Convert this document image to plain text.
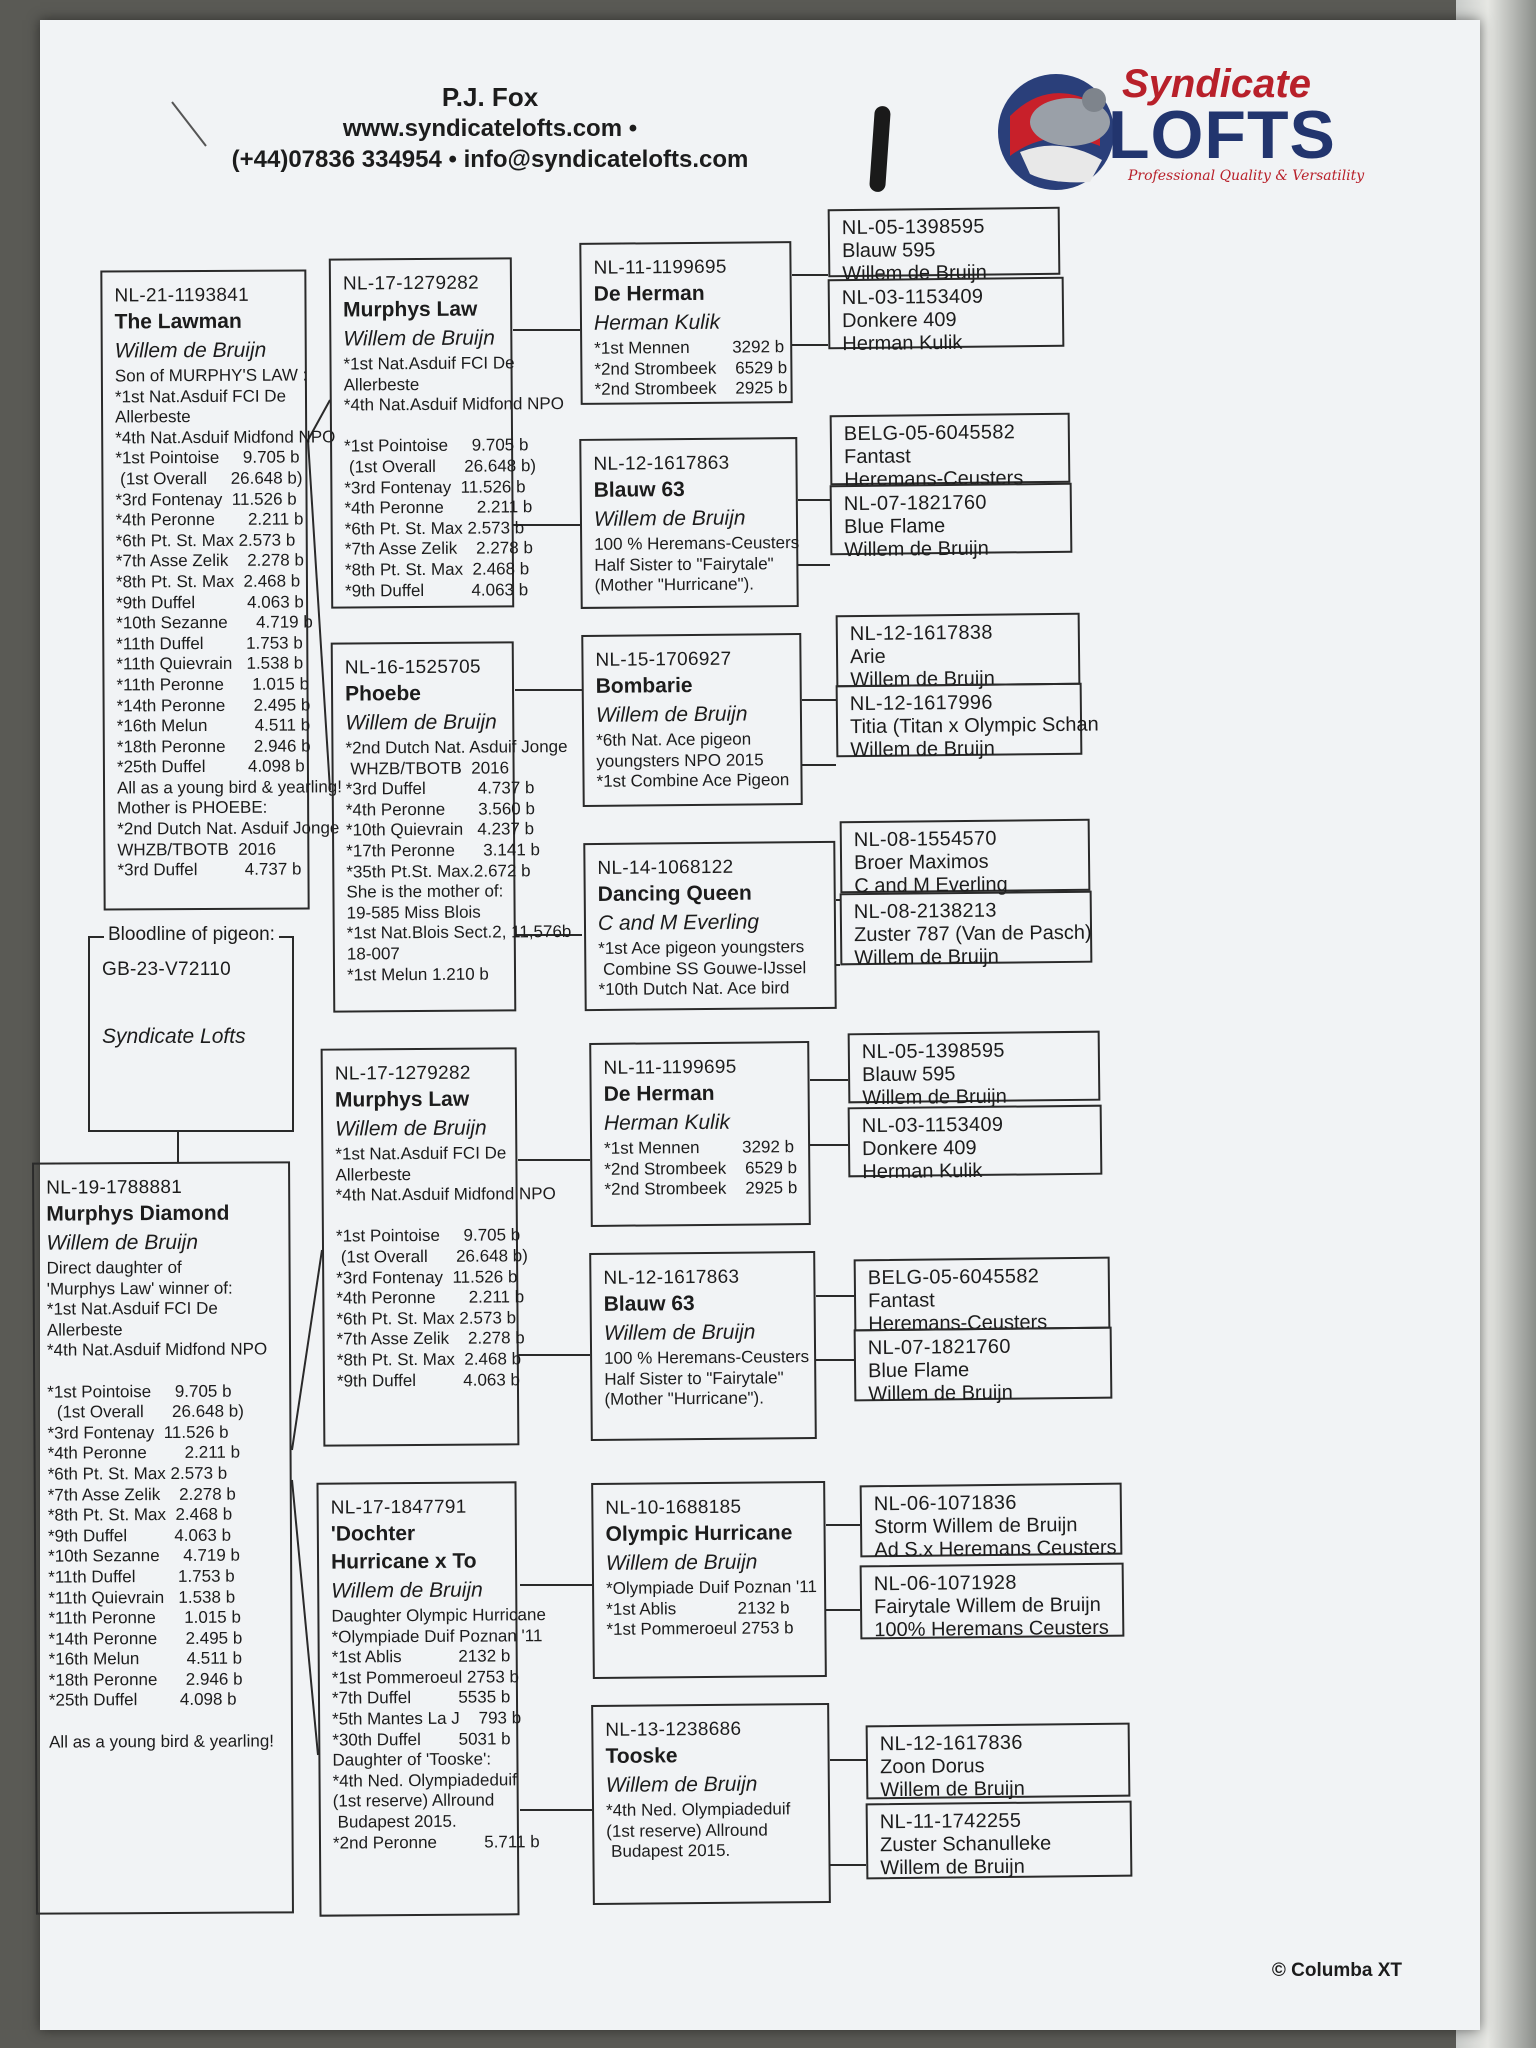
P.J. Fox
www.syndicatelofts.com •
(+44)07836 334954 • info@syndicatelofts.com
Syndicate
LOFTS
Professional Quality & Versatility
NL-21-1193841
The Lawman
Willem de Bruijn
Son of MURPHY'S LAW :
*1st Nat.Asduif FCI De
Allerbeste
*4th Nat.Asduif Midfond NPO
*1st Pointoise     9.705 b
(1st Overall     26.648 b)
*3rd Fontenay  11.526 b
*4th Peronne       2.211 b
*6th Pt. St. Max 2.573 b
*7th Asse Zelik    2.278 b
*8th Pt. St. Max  2.468 b
*9th Duffel           4.063 b
*10th Sezanne      4.719 b
*11th Duffel         1.753 b
*11th Quievrain   1.538 b
*11th Peronne      1.015 b
*14th Peronne      2.495 b
*16th Melun          4.511 b
*18th Peronne      2.946 b
*25th Duffel         4.098 b
All as a young bird & yearling!
Mother is PHOEBE:
*2nd Dutch Nat. Asduif Jonge
WHZB/TBOTB  2016
*3rd Duffel          4.737 b
GB-23-V72110
Syndicate Lofts
Bloodline of pigeon:
NL-17-1279282
Murphys Law
Willem de Bruijn
*1st Nat.Asduif FCI De
Allerbeste
*4th Nat.Asduif Midfond NPO

*1st Pointoise     9.705 b
(1st Overall      26.648 b)
*3rd Fontenay  11.526 b
*4th Peronne       2.211 b
*6th Pt. St. Max 2.573 b
*7th Asse Zelik    2.278 b
*8th Pt. St. Max  2.468 b
*9th Duffel          4.063 b
NL-16-1525705
Phoebe
Willem de Bruijn
*2nd Dutch Nat. Asduif Jonge
WHZB/TBOTB  2016
*3rd Duffel           4.737 b
*4th Peronne       3.560 b
*10th Quievrain   4.237 b
*17th Peronne      3.141 b
*35th Pt.St. Max.2.672 b
She is the mother of:
19-585 Miss Blois
*1st Nat.Blois Sect.2, 11,576b
18-007
*1st Melun 1.210 b
NL-11-1199695
De Herman
Herman Kulik
*1st Mennen         3292 b
*2nd Strombeek    6529 b
*2nd Strombeek    2925 b
NL-12-1617863
Blauw 63
Willem de Bruijn
100 % Heremans-Ceusters
Half Sister to "Fairytale"
(Mother "Hurricane").
NL-15-1706927
Bombarie
Willem de Bruijn
*6th Nat. Ace pigeon
youngsters NPO 2015
*1st Combine Ace Pigeon
NL-14-1068122
Dancing Queen
C and M Everling
*1st Ace pigeon youngsters
Combine SS Gouwe-IJssel
*10th Dutch Nat. Ace bird
NL-05-1398595
Blauw 595
Willem de Bruijn
NL-03-1153409
Donkere 409
Herman Kulik
BELG-05-6045582
Fantast
Heremans-Ceusters
NL-07-1821760
Blue Flame
Willem de Bruijn
NL-12-1617838
Arie
Willem de Bruijn
NL-12-1617996
Titia (Titan x Olympic Schan
Willem de Bruijn
NL-08-1554570
Broer Maximos
C and M Everling
NL-08-2138213
Zuster 787 (Van de Pasch)
Willem de Bruijn
NL-19-1788881
Murphys Diamond
Willem de Bruijn
Direct daughter of
'Murphys Law' winner of:
*1st Nat.Asduif FCI De
Allerbeste
*4th Nat.Asduif Midfond NPO

*1st Pointoise     9.705 b
(1st Overall      26.648 b)
*3rd Fontenay  11.526 b
*4th Peronne        2.211 b
*6th Pt. St. Max 2.573 b
*7th Asse Zelik    2.278 b
*8th Pt. St. Max  2.468 b
*9th Duffel          4.063 b
*10th Sezanne     4.719 b
*11th Duffel         1.753 b
*11th Quievrain   1.538 b
*11th Peronne      1.015 b
*14th Peronne      2.495 b
*16th Melun          4.511 b
*18th Peronne      2.946 b
*25th Duffel         4.098 b

All as a young bird & yearling!
NL-17-1279282
Murphys Law
Willem de Bruijn
*1st Nat.Asduif FCI De
Allerbeste
*4th Nat.Asduif Midfond NPO

*1st Pointoise     9.705 b
(1st Overall      26.648 b)
*3rd Fontenay  11.526 b
*4th Peronne       2.211 b
*6th Pt. St. Max 2.573 b
*7th Asse Zelik    2.278 b
*8th Pt. St. Max  2.468 b
*9th Duffel          4.063 b
NL-17-1847791
'Dochter Hurricane x To
Willem de Bruijn
Daughter Olympic Hurricane
*Olympiade Duif Poznan '11
*1st Ablis            2132 b
*1st Pommeroeul 2753 b
*7th Duffel          5535 b
*5th Mantes La J    793 b
*30th Duffel        5031 b
Daughter of 'Tooske':
*4th Ned. Olympiadeduif
(1st reserve) Allround
Budapest 2015.
*2nd Peronne          5.711 b
NL-11-1199695
De Herman
Herman Kulik
*1st Mennen         3292 b
*2nd Strombeek    6529 b
*2nd Strombeek    2925 b
NL-12-1617863
Blauw 63
Willem de Bruijn
100 % Heremans-Ceusters
Half Sister to "Fairytale"
(Mother "Hurricane").
NL-10-1688185
Olympic Hurricane
Willem de Bruijn
*Olympiade Duif Poznan '11
*1st Ablis             2132 b
*1st Pommeroeul 2753 b
NL-13-1238686
Tooske
Willem de Bruijn
*4th Ned. Olympiadeduif
(1st reserve) Allround
Budapest 2015.
NL-05-1398595
Blauw 595
Willem de Bruijn
NL-03-1153409
Donkere 409
Herman Kulik
BELG-05-6045582
Fantast
Heremans-Ceusters
NL-07-1821760
Blue Flame
Willem de Bruijn
NL-06-1071836
Storm Willem de Bruijn
Ad S.x Heremans Ceusters
NL-06-1071928
Fairytale Willem de Bruijn
100% Heremans Ceusters
NL-12-1617836
Zoon Dorus
Willem de Bruijn
NL-11-1742255
Zuster Schanulleke
Willem de Bruijn
© Columba XT
